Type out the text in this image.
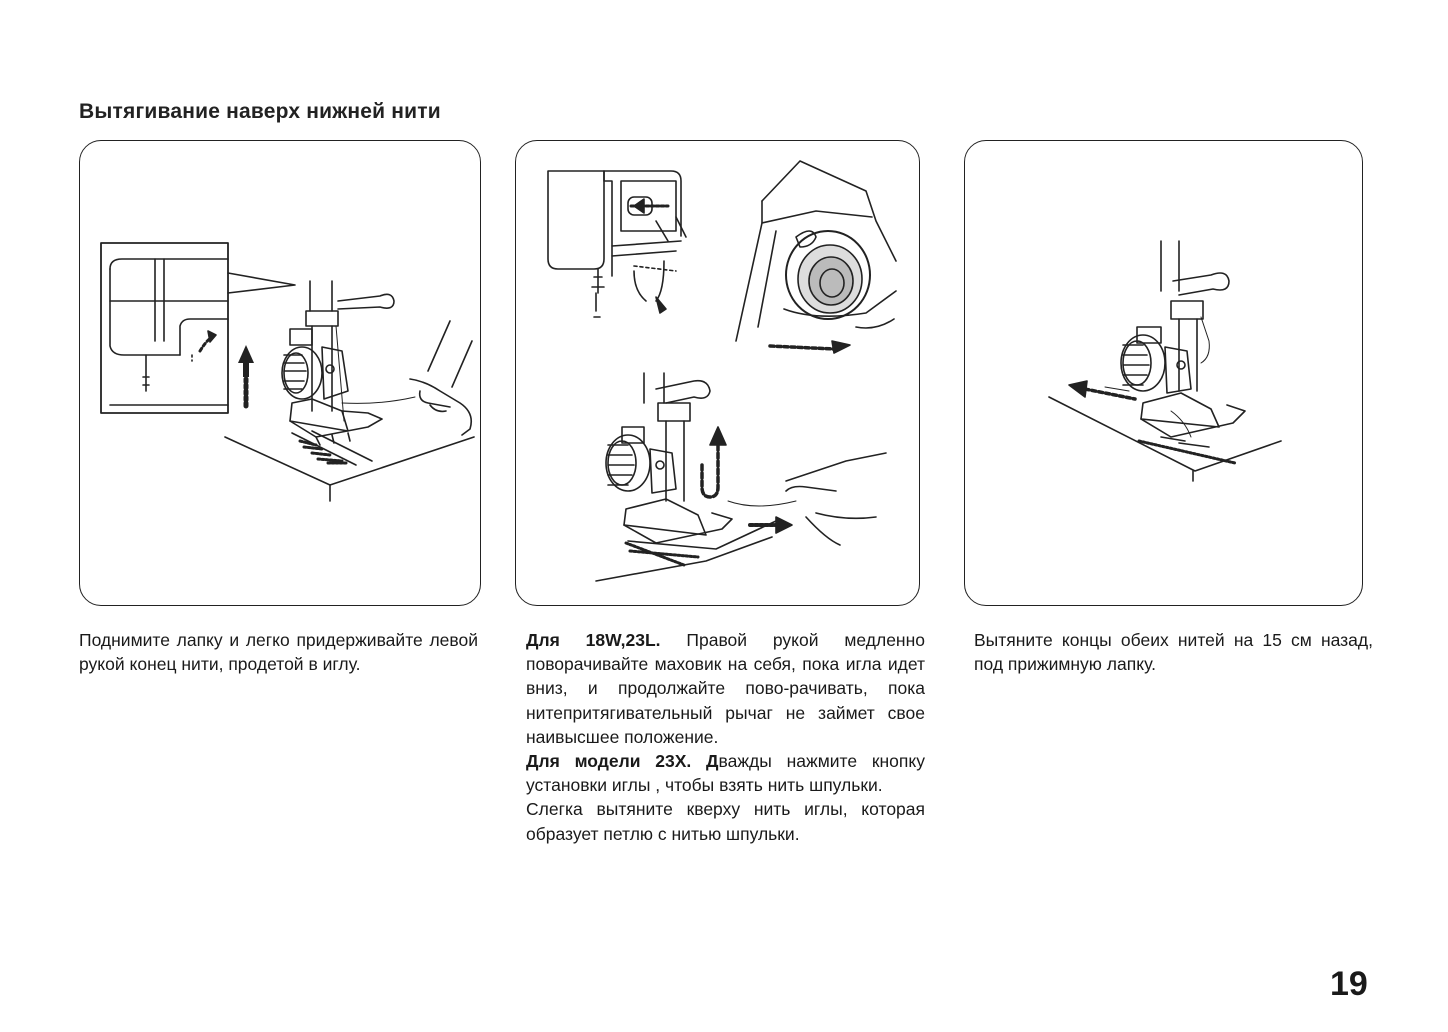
Вытягивание наверх нижней нити

Поднимите лапку и легко придерживайте левой рукой конец нити, продетой в иглу.

Для 18W,23L. Правой рукой медленно поворачивайте маховик на себя, пока игла идет вниз, и продолжайте пово-рачивать, пока нитепритягивательный рычаг не займет свое наивысшее положение.

Для модели 23X. Дважды нажмите кнопку установки иглы , чтобы взять нить шпульки.

Слегка вытяните кверху нить иглы, которая образует петлю с нитью шпульки.

Вытяните концы обеих нитей на 15 см назад, под прижимную лапку.

19
